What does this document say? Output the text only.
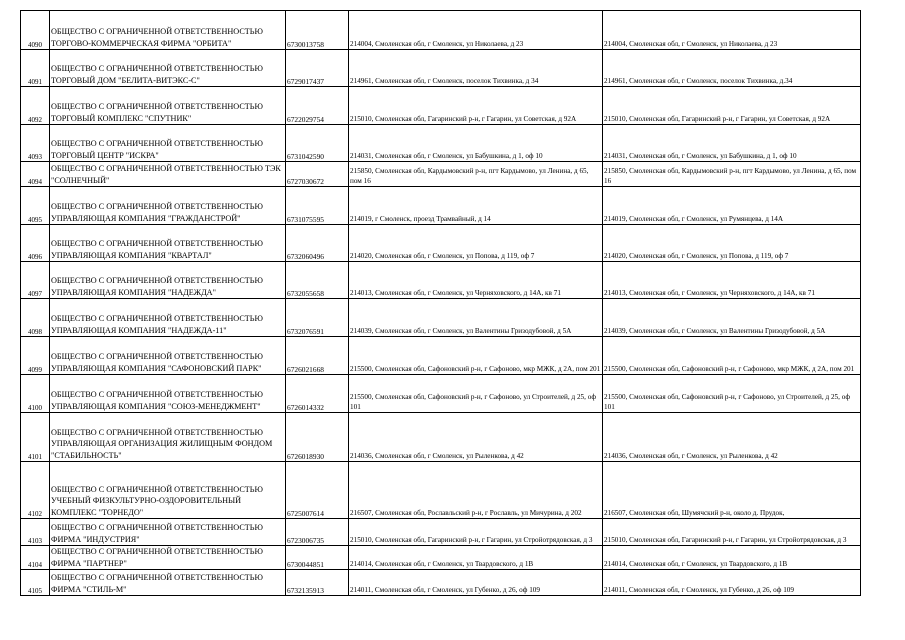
4090	ОБЩЕСТВО С ОГРАНИЧЕННОЙ ОТВЕТСТВЕННОСТЬЮ ТОРГОВО-КОММЕРЧЕСКАЯ ФИРМА "ОРБИТА"	6730013758	214004, Смоленская обл, г Смоленск, ул Николаева, д 23	214004, Смоленская обл, г Смоленск, ул Николаева, д 23
4091	ОБЩЕСТВО С ОГРАНИЧЕННОЙ ОТВЕТСТВЕННОСТЬЮ ТОРГОВЫЙ ДОМ "БЕЛИТА-ВИТЭКС-С"	6729017437	214961, Смоленская обл, г Смоленск, поселок Тихвинка, д 34	214961, Смоленская обл, г Смоленск, поселок Тихвинка, д.34
4092	ОБЩЕСТВО С ОГРАНИЧЕННОЙ ОТВЕТСТВЕННОСТЬЮ ТОРГОВЫЙ КОМПЛЕКС "СПУТНИК"	6722029754	215010, Смоленская обл, Гагаринский р-н, г Гагарин, ул Советская, д 92А	215010, Смоленская обл, Гагаринский р-н, г Гагарин, ул Советская, д 92А
4093	ОБЩЕСТВО С ОГРАНИЧЕННОЙ ОТВЕТСТВЕННОСТЬЮ ТОРГОВЫЙ ЦЕНТР "ИСКРА"	6731042590	214031, Смоленская обл, г Смоленск, ул Бабушкина, д 1, оф 10	214031, Смоленская обл, г Смоленск, ул Бабушкина, д 1, оф 10
4094	ОБЩЕСТВО С ОГРАНИЧЕННОЙ ОТВЕТСТВЕННОСТЬЮ ТЭК "СОЛНЕЧНЫЙ"	6727030672	215850, Смоленская обл, Кардымовский р-н, пгт Кардымово, ул Ленина, д 65, пом 16	215850, Смоленская обл, Кардымовский р-н, пгт Кардымово, ул Ленина, д 65, пом 16
4095	ОБЩЕСТВО С ОГРАНИЧЕННОЙ ОТВЕТСТВЕННОСТЬЮ УПРАВЛЯЮЩАЯ КОМПАНИЯ "ГРАЖДАНСТРОЙ"	6731075595	214019, г Смоленск, проезд Трамвайный, д 14	214019, Смоленская обл, г Смоленск, ул Румянцева, д 14А
4096	ОБЩЕСТВО С ОГРАНИЧЕННОЙ ОТВЕТСТВЕННОСТЬЮ УПРАВЛЯЮЩАЯ КОМПАНИЯ "КВАРТАЛ"	6732060496	214020, Смоленская обл, г Смоленск, ул Попова, д 119, оф 7	214020, Смоленская обл, г Смоленск, ул Попова, д 119, оф 7
4097	ОБЩЕСТВО С ОГРАНИЧЕННОЙ ОТВЕТСТВЕННОСТЬЮ УПРАВЛЯЮЩАЯ КОМПАНИЯ "НАДЕЖДА"	6732055658	214013, Смоленская обл, г Смоленск, ул Черняховского, д 14А, кв 71	214013, Смоленская обл, г Смоленск, ул Черняховского, д 14А, кв 71
4098	ОБЩЕСТВО С ОГРАНИЧЕННОЙ ОТВЕТСТВЕННОСТЬЮ УПРАВЛЯЮЩАЯ КОМПАНИЯ "НАДЕЖДА-11"	6732076591	214039, Смоленская обл, г Смоленск, ул Валентины Гризодубовой, д 5А	214039, Смоленская обл, г Смоленск, ул Валентины Гризодубовой, д 5А
4099	ОБЩЕСТВО С ОГРАНИЧЕННОЙ ОТВЕТСТВЕННОСТЬЮ УПРАВЛЯЮЩАЯ КОМПАНИЯ "САФОНОВСКИЙ ПАРК"	6726021668	215500, Смоленская обл, Сафоновский р-н, г Сафоново, мкр МЖК, д 2А, пом 201	215500, Смоленская обл, Сафоновский р-н, г Сафоново, мкр МЖК, д 2А, пом 201
4100	ОБЩЕСТВО С ОГРАНИЧЕННОЙ ОТВЕТСТВЕННОСТЬЮ УПРАВЛЯЮЩАЯ КОМПАНИЯ "СОЮЗ-МЕНЕДЖМЕНТ"	6726014332	215500, Смоленская обл, Сафоновский р-н, г Сафоново, ул Строителей, д 25, оф 101	215500, Смоленская обл, Сафоновский р-н, г Сафоново, ул Строителей, д 25, оф 101
4101	ОБЩЕСТВО С ОГРАНИЧЕННОЙ ОТВЕТСТВЕННОСТЬЮ УПРАВЛЯЮЩАЯ ОРГАНИЗАЦИЯ ЖИЛИЩНЫМ ФОНДОМ "СТАБИЛЬНОСТЬ"	6726018930	214036, Смоленская обл, г Смоленск, ул Рыленкова, д 42	214036, Смоленская обл, г Смоленск, ул Рыленкова, д 42
4102	ОБЩЕСТВО С ОГРАНИЧЕННОЙ ОТВЕТСТВЕННОСТЬЮ УЧЕБНЫЙ ФИЗКУЛЬТУРНО-ОЗДОРОВИТЕЛЬНЫЙ КОМПЛЕКС "ТОРНЕДО"	6725007614	216507, Смоленская обл, Рославльский р-н, г Рославль, ул Мичурина, д 202	216507, Смоленская обл, Шумячский р-н, около д. Прудок,
4103	ОБЩЕСТВО С ОГРАНИЧЕННОЙ ОТВЕТСТВЕННОСТЬЮ ФИРМА "ИНДУСТРИЯ"	6723006735	215010, Смоленская обл, Гагаринский р-н, г Гагарин, ул Стройотрядовская, д 3	215010, Смоленская обл, Гагаринский р-н, г Гагарин, ул Стройотрядовская, д 3
4104	ОБЩЕСТВО С ОГРАНИЧЕННОЙ ОТВЕТСТВЕННОСТЬЮ ФИРМА "ПАРТНЕР"	6730044851	214014, Смоленская обл, г Смоленск, ул Твардовского, д 1В	214014, Смоленская обл, г Смоленск, ул Твардовского, д 1В
4105	ОБЩЕСТВО С ОГРАНИЧЕННОЙ ОТВЕТСТВЕННОСТЬЮ ФИРМА "СТИЛЬ-М"	6732135913	214011, Смоленская обл, г Смоленск, ул Губенко, д 26, оф 109	214011, Смоленская обл, г Смоленск, ул Губенко, д 26, оф 109
